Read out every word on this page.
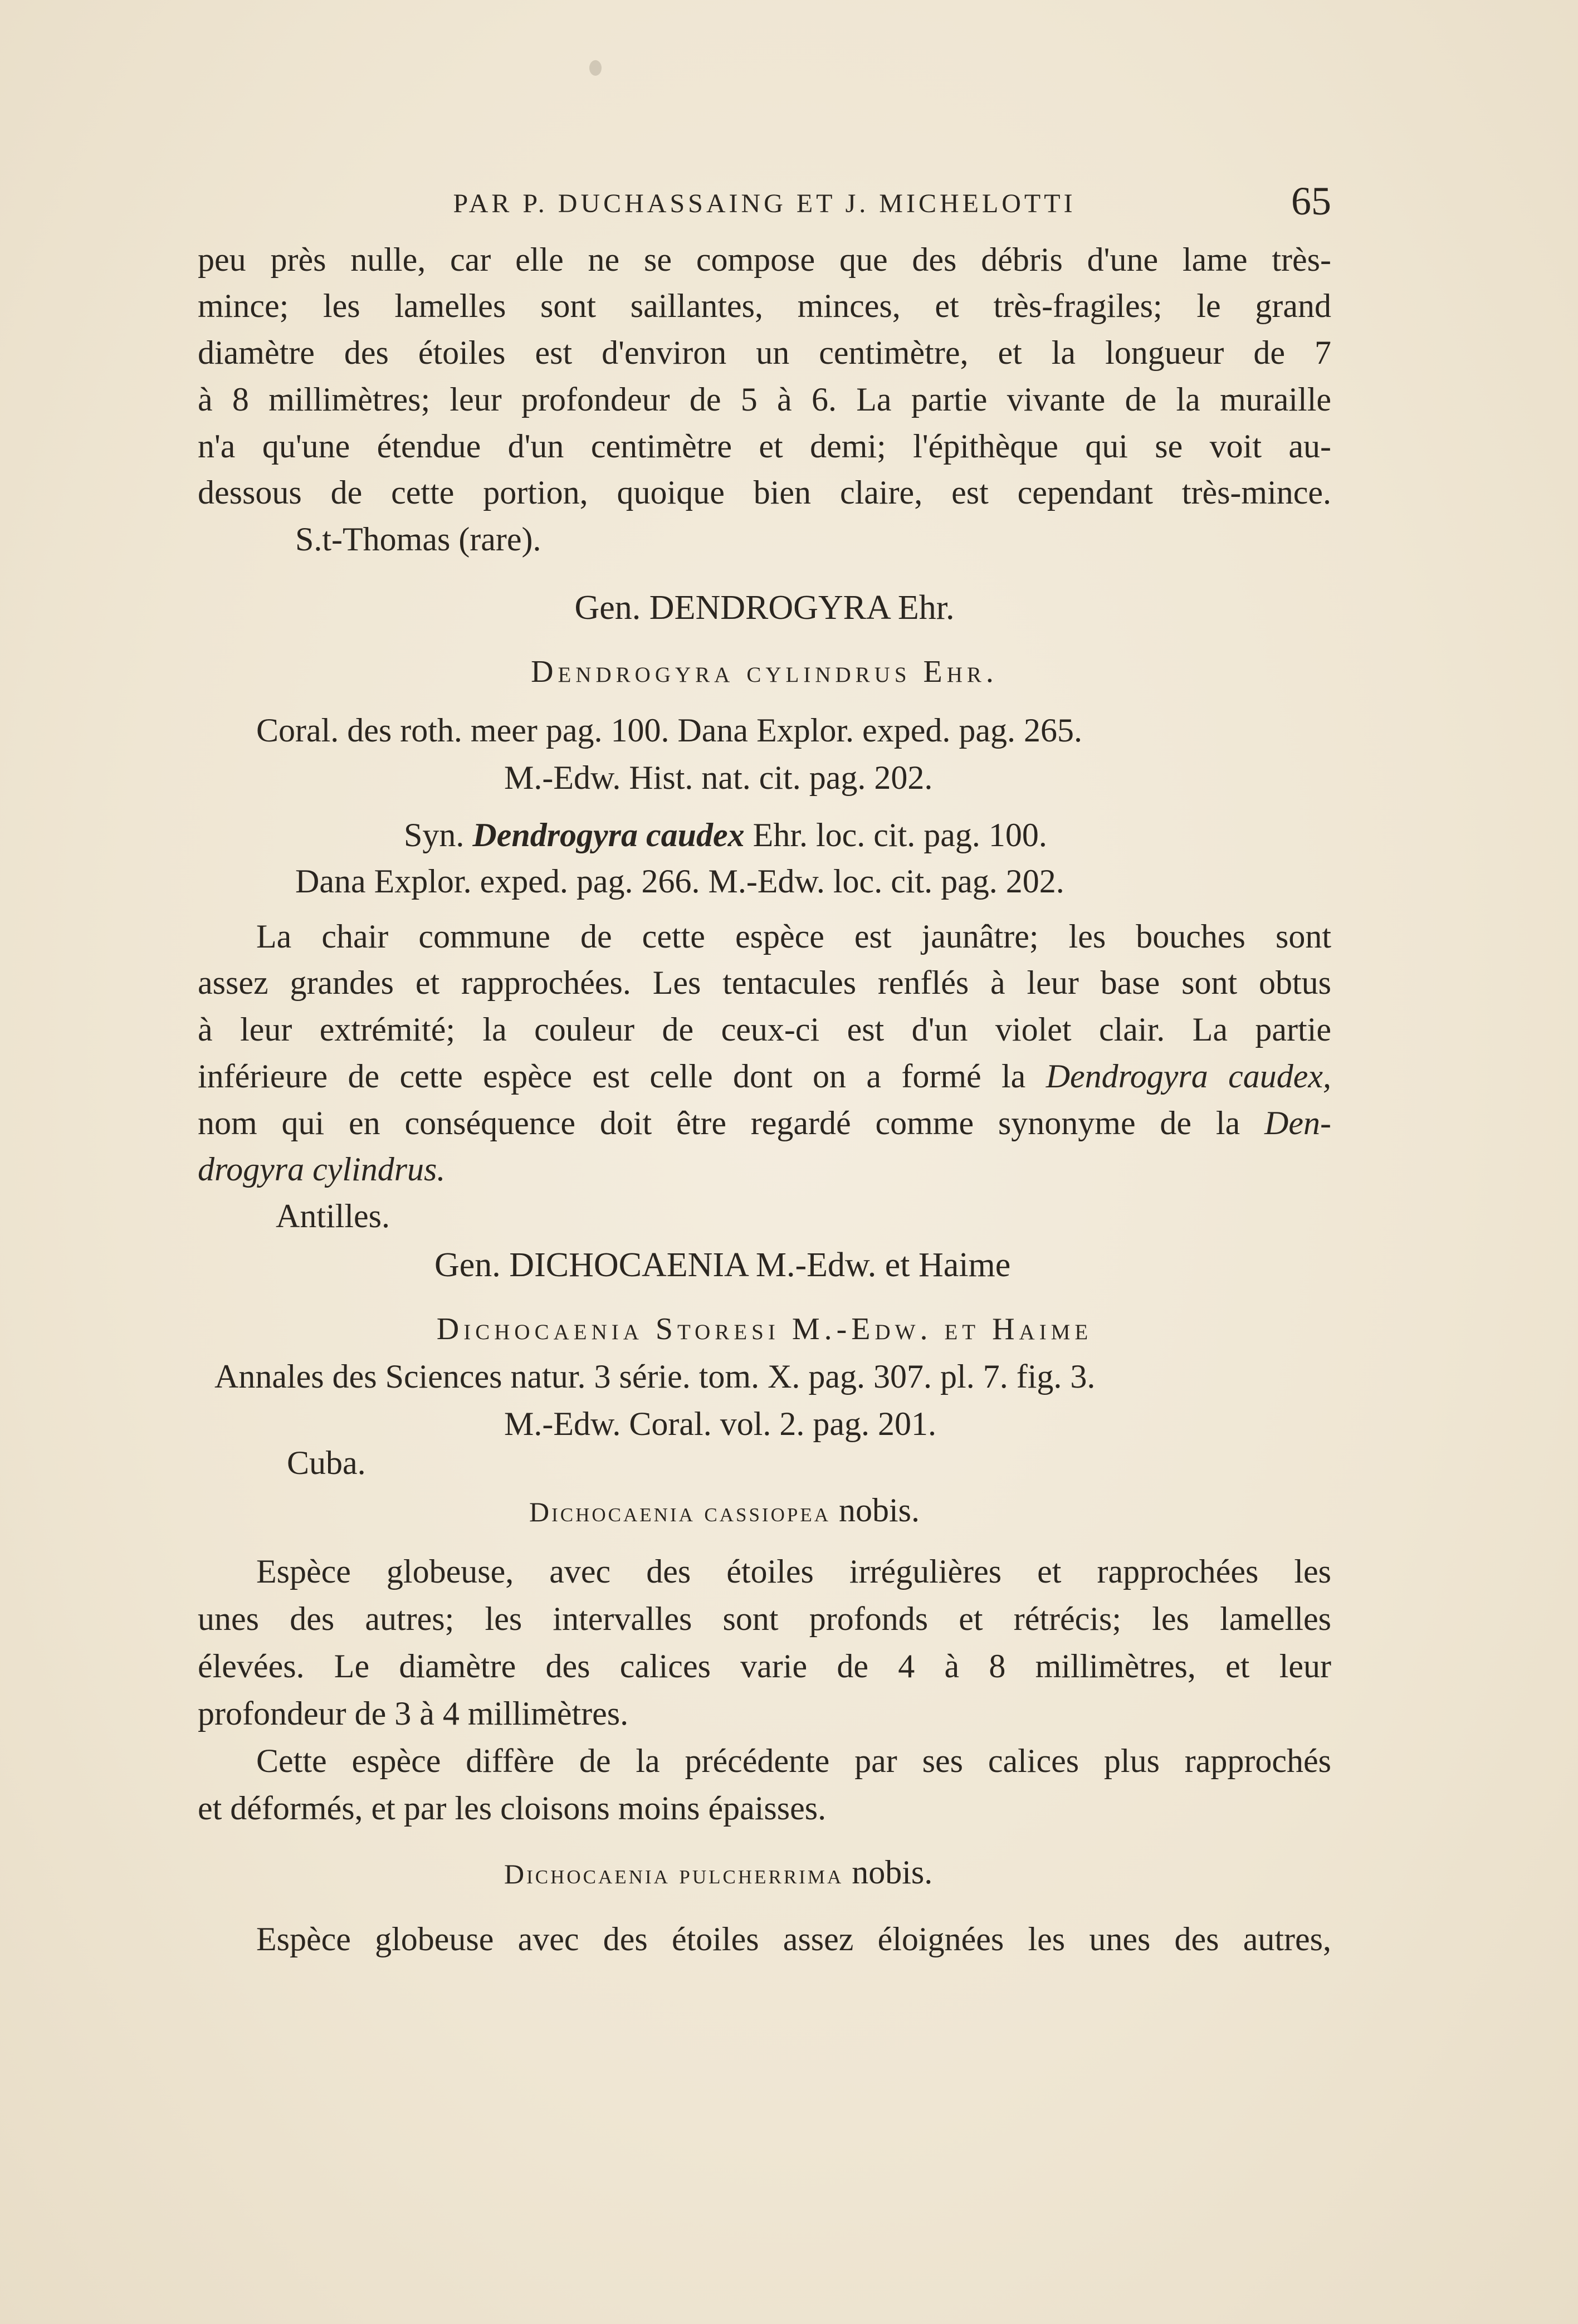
PAR P. DUCHASSAING ET J. MICHELOTTI	65
peu près nulle, car elle ne se compose que des débris d'une lame très-
mince; les lamelles sont saillantes, minces, et très-fragiles; le grand
diamètre des étoiles est d'environ un centimètre, et la longueur de 7
à 8 millimètres; leur profondeur de 5 à 6. La partie vivante de la muraille
n'a qu'une étendue d'un centimètre et demi; l'épithèque qui se voit au-
dessous de cette portion, quoique bien claire, est cependant très-mince.
S.t-Thomas (rare).
Gen. DENDROGYRA Ehr.
Dendrogyra cylindrus Ehr.
Coral. des roth. meer pag. 100. Dana Explor. exped. pag. 265.
M.-Edw. Hist. nat. cit. pag. 202.
Syn. Dendrogyra caudex Ehr. loc. cit. pag. 100.
Dana Explor. exped. pag. 266. M.-Edw. loc. cit. pag. 202.
La chair commune de cette espèce est jaunâtre; les bouches sont
assez grandes et rapprochées. Les tentacules renflés à leur base sont obtus
à leur extrémité; la couleur de ceux-ci est d'un violet clair. La partie
inférieure de cette espèce est celle dont on a formé la Dendrogyra caudex,
nom qui en conséquence doit être regardé comme synonyme de la Den-
drogyra cylindrus.
Antilles.
Gen. DICHOCAENIA M.-Edw. et Haime
Dichocaenia Storesi M.-Edw. et Haime
Annales des Sciences natur. 3 série. tom. X. pag. 307. pl. 7. fig. 3.
M.-Edw. Coral. vol. 2. pag. 201.
Cuba.
Dichocaenia cassiopea nobis.
Espèce globeuse, avec des étoiles irrégulières et rapprochées les
unes des autres; les intervalles sont profonds et rétrécis; les lamelles
élevées. Le diamètre des calices varie de 4 à 8 millimètres, et leur
profondeur de 3 à 4 millimètres.
Cette espèce diffère de la précédente par ses calices plus rapprochés
et déformés, et par les cloisons moins épaisses.
Dichocaenia pulcherrima nobis.
Espèce globeuse avec des étoiles assez éloignées les unes des autres,
